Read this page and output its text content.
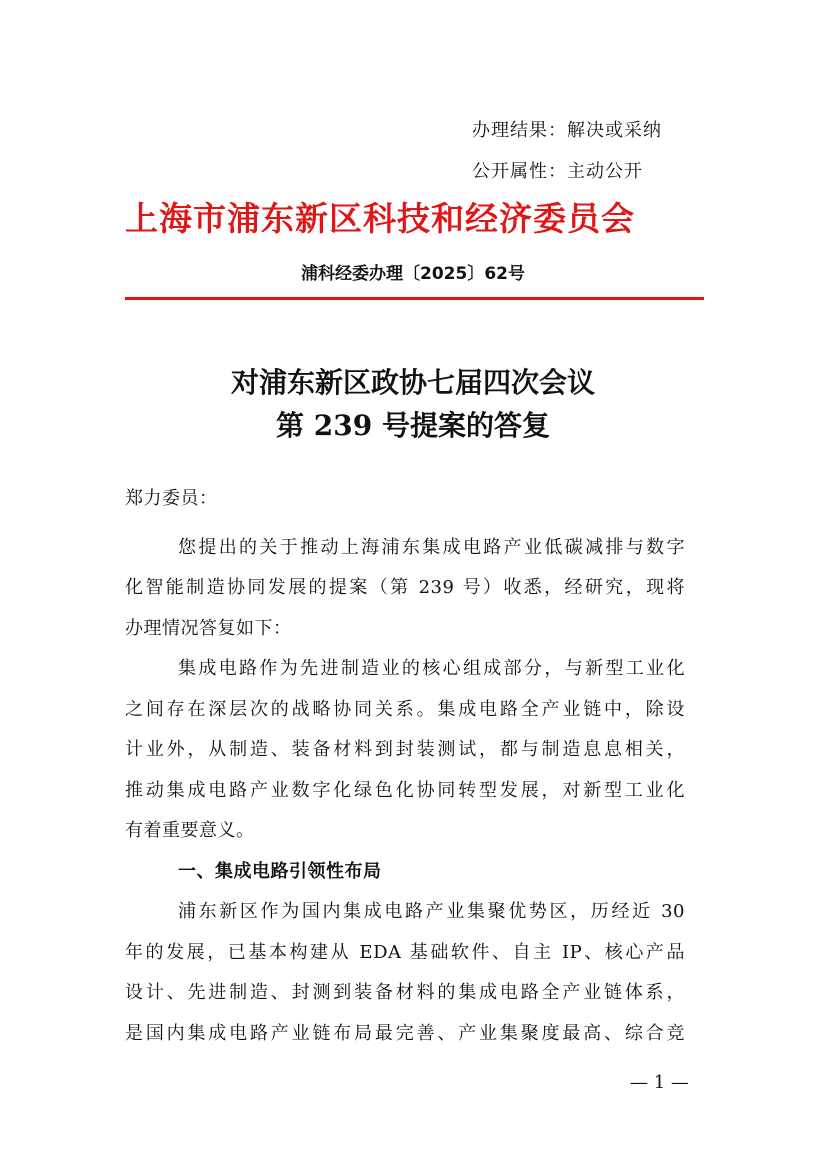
办理结果：解决或采纳
公开属性：主动公开
上海市浦东新区科技和经济委员会
浦科经委办理〔2025〕62号
对浦东新区政协七届四次会议
第 239 号提案的答复
郑力委员：
您提出的关于推动上海浦东集成电路产业低碳减排与数字
化智能制造协同发展的提案（第 239 号）收悉，经研究，现将
办理情况答复如下：
集成电路作为先进制造业的核心组成部分，与新型工业化
之间存在深层次的战略协同关系。集成电路全产业链中，除设
计业外，从制造、装备材料到封装测试，都与制造息息相关，
推动集成电路产业数字化绿色化协同转型发展，对新型工业化
有着重要意义。
一、集成电路引领性布局
浦东新区作为国内集成电路产业集聚优势区，历经近 30
年的发展，已基本构建从 EDA 基础软件、自主 IP、核心产品
设计、先进制造、封测到装备材料的集成电路全产业链体系，
是国内集成电路产业链布局最完善、产业集聚度最高、综合竞
— 1 —
